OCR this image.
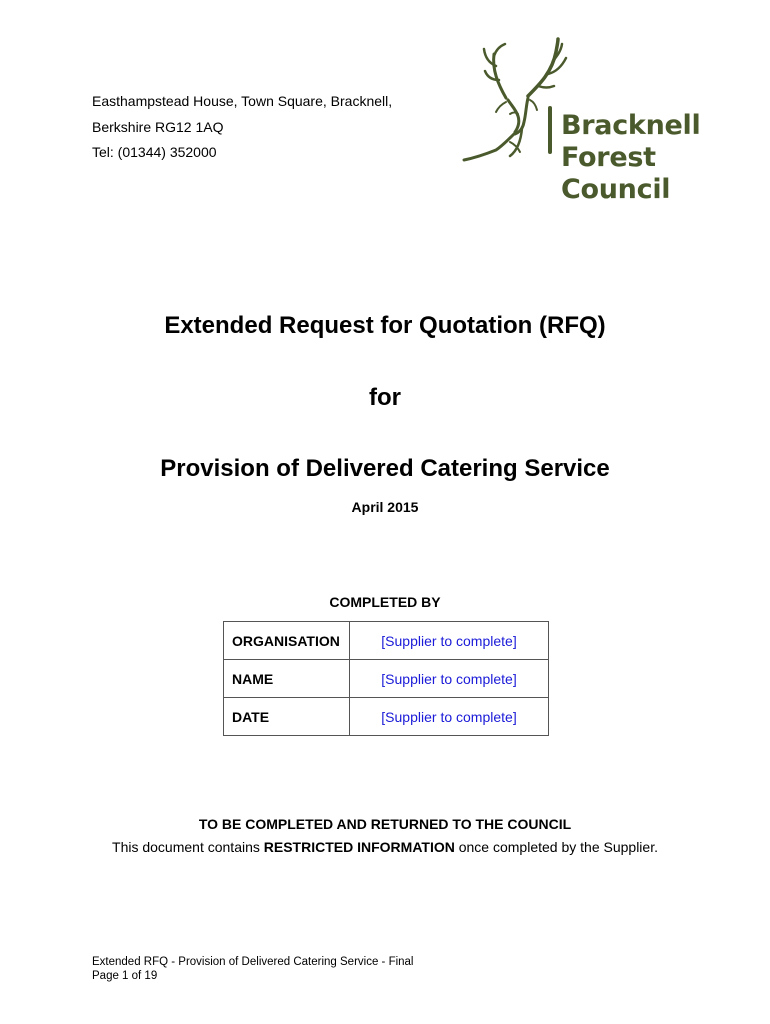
Easthampstead House, Town Square, Bracknell,
Berkshire RG12 1AQ
Tel: (01344) 352000
Bracknell
Forest
Council
Extended Request for Quotation (RFQ)
for
Provision of Delivered Catering Service
April 2015
COMPLETED BY
ORGANISATION	[Supplier to complete]
NAME	[Supplier to complete]
DATE	[Supplier to complete]
TO BE COMPLETED AND RETURNED TO THE COUNCIL
This document contains RESTRICTED INFORMATION once completed by the Supplier.
Extended RFQ - Provision of Delivered Catering Service - Final
Page 1 of 19
